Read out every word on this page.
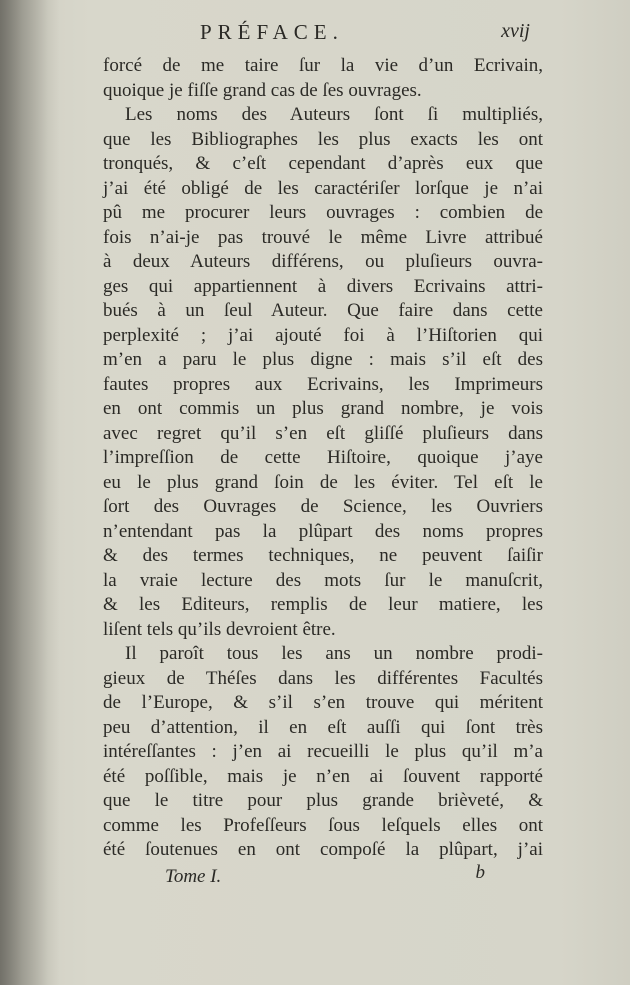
PRÉFACE.	xvij
forcé de me taire ſur la vie d’un Ecrivain,
quoique je fiſſe grand cas de ſes ouvrages.
Les noms des Auteurs ſont ſi multipliés,
que les Bibliographes les plus exacts les ont
tronqués, & c’eſt cependant d’après eux que
j’ai été obligé de les caractériſer lorſque je n’ai
pû me procurer leurs ouvrages : combien de
fois n’ai-je pas trouvé le même Livre attribué
à deux Auteurs différens, ou pluſieurs ouvra-
ges qui appartiennent à divers Ecrivains attri-
bués à un ſeul Auteur. Que faire dans cette
perplexité ; j’ai ajouté foi à l’Hiſtorien qui
m’en a paru le plus digne : mais s’il eſt des
fautes propres aux Ecrivains, les Imprimeurs
en ont commis un plus grand nombre, je vois
avec regret qu’il s’en eſt gliſſé pluſieurs dans
l’impreſſion de cette Hiſtoire, quoique j’aye
eu le plus grand ſoin de les éviter. Tel eſt le
ſort des Ouvrages de Science, les Ouvriers
n’entendant pas la plûpart des noms propres
& des termes techniques, ne peuvent ſaiſir
la vraie lecture des mots ſur le manuſcrit,
& les Editeurs, remplis de leur matiere, les
liſent tels qu’ils devroient être.
Il paroît tous les ans un nombre prodi-
gieux de Théſes dans les différentes Facultés
de l’Europe, & s’il s’en trouve qui méritent
peu d’attention, il en eſt auſſi qui ſont très
intéreſſantes : j’en ai recueilli le plus qu’il m’a
été poſſible, mais je n’en ai ſouvent rapporté
que le titre pour plus grande brièveté, &
comme les Profeſſeurs ſous leſquels elles ont
été ſoutenues en ont compoſé la plûpart, j’ai
Tome I.	b
